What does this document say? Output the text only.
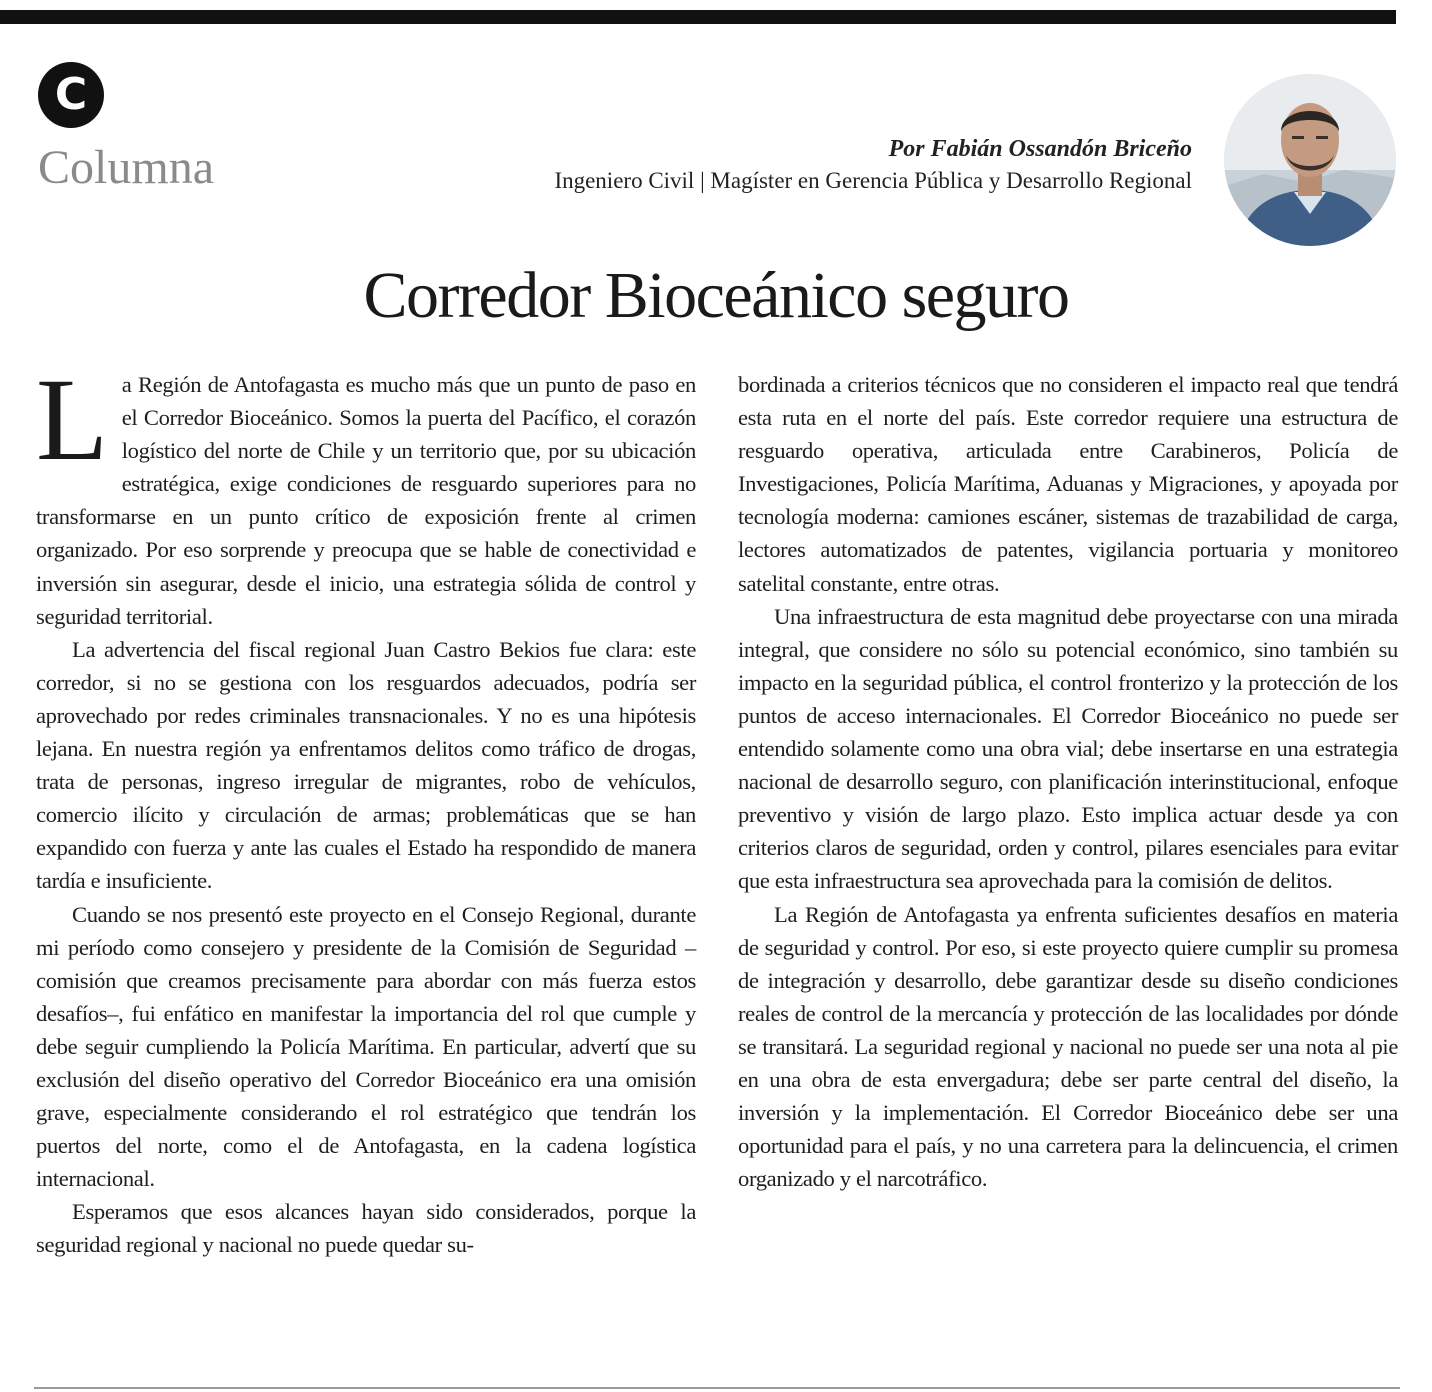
C
Columna	Por Fabián Ossandón Briceño
Ingeniero Civil | Magíster en Gerencia Pública y Desarrollo Regional
Corredor Bioceánico seguro

La Región de Antofagasta es mucho más que un punto de paso en el Corredor Bioceánico. Somos la puerta del Pacífico, el corazón logístico del norte de Chile y un territorio que, por su ubicación estratégica, exige condiciones de resguardo superiores para no transformarse en un punto crítico de exposición frente al crimen organizado. Por eso sorprende y preocupa que se hable de conectividad e inversión sin asegurar, desde el inicio, una estrategia sólida de control y seguridad territorial.

La advertencia del fiscal regional Juan Castro Bekios fue clara: este corredor, si no se gestiona con los resguardos adecuados, podría ser aprovechado por redes criminales transnacionales. Y no es una hipótesis lejana. En nuestra región ya enfrentamos delitos como tráfico de drogas, trata de personas, ingreso irregular de migrantes, robo de vehículos, comercio ilícito y circulación de armas; problemáticas que se han expandido con fuerza y ante las cuales el Estado ha respondido de manera tardía e insuficiente.

Cuando se nos presentó este proyecto en el Consejo Regional, durante mi período como consejero y presidente de la Comisión de Seguridad –comisión que creamos precisamente para abordar con más fuerza estos desafíos–, fui enfático en manifestar la importancia del rol que cumple y debe seguir cumpliendo la Policía Marítima. En particular, advertí que su exclusión del diseño operativo del Corredor Bioceánico era una omisión grave, especialmente considerando el rol estratégico que tendrán los puertos del norte, como el de Antofagasta, en la cadena logística internacional.

Esperamos que esos alcances hayan sido considerados, porque la seguridad regional y nacional no puede quedar su-

bordinada a criterios técnicos que no consideren el impacto real que tendrá esta ruta en el norte del país. Este corredor requiere una estructura de resguardo operativa, articulada entre Carabineros, Policía de Investigaciones, Policía Marítima, Aduanas y Migraciones, y apoyada por tecnología moderna: camiones escáner, sistemas de trazabilidad de carga, lectores automatizados de patentes, vigilancia portuaria y monitoreo satelital constante, entre otras.

Una infraestructura de esta magnitud debe proyectarse con una mirada integral, que considere no sólo su potencial económico, sino también su impacto en la seguridad pública, el control fronterizo y la protección de los puntos de acceso internacionales. El Corredor Bioceánico no puede ser entendido solamente como una obra vial; debe insertarse en una estrategia nacional de desarrollo seguro, con planificación interinstitucional, enfoque preventivo y visión de largo plazo. Esto implica actuar desde ya con criterios claros de seguridad, orden y control, pilares esenciales para evitar que esta infraestructura sea aprovechada para la comisión de delitos.

La Región de Antofagasta ya enfrenta suficientes desafíos en materia de seguridad y control. Por eso, si este proyecto quiere cumplir su promesa de integración y desarrollo, debe garantizar desde su diseño condiciones reales de control de la mercancía y protección de las localidades por dónde se transitará. La seguridad regional y nacional no puede ser una nota al pie en una obra de esta envergadura; debe ser parte central del diseño, la inversión y la implementación. El Corredor Bioceánico debe ser una oportunidad para el país, y no una carretera para la delincuencia, el crimen organizado y el narcotráfico.
